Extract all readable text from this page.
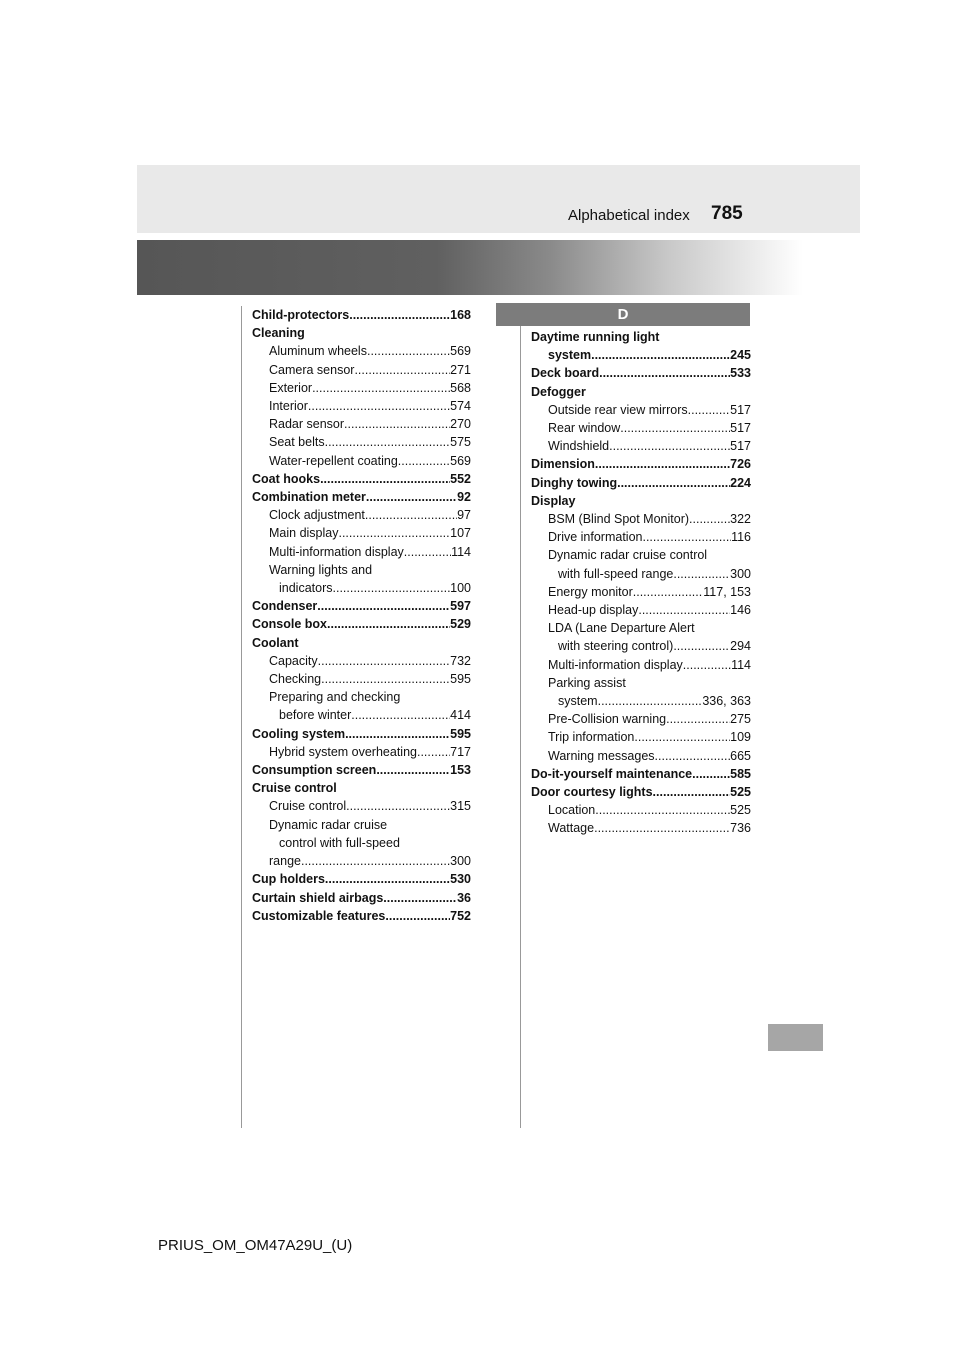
Alphabetical index 785
D
Child-protectors .....	168
Cleaning
Aluminum wheels .....	569
Camera sensor .....	271
Exterior .....	568
Interior .....	574
Radar sensor .....	270
Seat belts .....	575
Water-repellent coating .....	569
Coat hooks .....	552
Combination meter .....	92
Clock adjustment .....	97
Main display .....	107
Multi-information display .....	114
Warning lights and
indicators .....	100
Condenser .....	597
Console box .....	529
Coolant
Capacity .....	732
Checking .....	595
Preparing and checking
before winter .....	414
Cooling system .....	595
Hybrid system overheating .....	717
Consumption screen .....	153
Cruise control
Cruise control .....	315
Dynamic radar cruise
control with full-speed
range .....	300
Cup holders .....	530
Curtain shield airbags .....	36
Customizable features .....	752
Daytime running light
system .....	245
Deck board .....	533
Defogger
Outside rear view mirrors .....	517
Rear window .....	517
Windshield .....	517
Dimension .....	726
Dinghy towing .....	224
Display
BSM (Blind Spot Monitor) .....	322
Drive information .....	116
Dynamic radar cruise control
with full-speed range .....	300
Energy monitor .....	117, 153
Head-up display .....	146
LDA (Lane Departure Alert
with steering control) .....	294
Multi-information display .....	114
Parking assist
system .....	336, 363
Pre-Collision warning .....	275
Trip information .....	109
Warning messages .....	665
Do-it-yourself maintenance .....	585
Door courtesy lights .....	525
Location .....	525
Wattage .....	736
PRIUS_OM_OM47A29U_(U)
